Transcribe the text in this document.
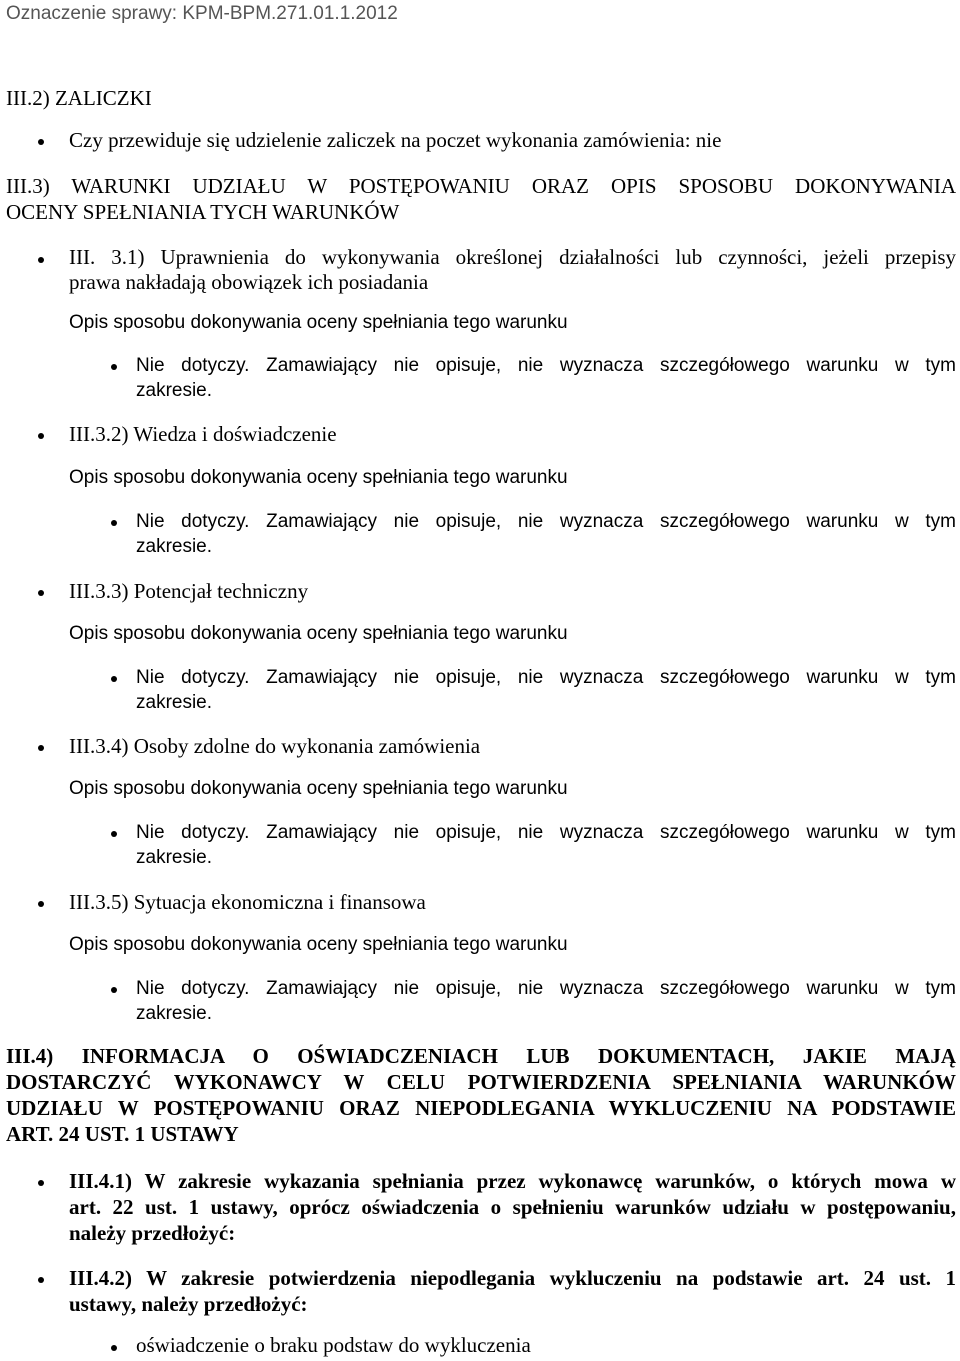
Oznaczenie sprawy: KPM-BPM.271.01.1.2012

III.2) ZALICZKI
Czy przewiduje się udzielenie zaliczek na poczet wykonania zamówienia: nie
III.3) WARUNKI UDZIAŁU W POSTĘPOWANIU ORAZ OPIS SPOSOBU DOKONYWANIA
OCENY SPEŁNIANIA TYCH WARUNKÓW
III. 3.1) Uprawnienia do wykonywania określonej działalności lub czynności, jeżeli przepisy
prawa nakładają obowiązek ich posiadania
Opis sposobu dokonywania oceny spełniania tego warunku
Nie dotyczy. Zamawiający nie opisuje, nie wyznacza szczegółowego warunku w tym
zakresie.
III.3.2) Wiedza i doświadczenie
Opis sposobu dokonywania oceny spełniania tego warunku
Nie dotyczy. Zamawiający nie opisuje, nie wyznacza szczegółowego warunku w tym
zakresie.
III.3.3) Potencjał techniczny
Opis sposobu dokonywania oceny spełniania tego warunku
Nie dotyczy. Zamawiający nie opisuje, nie wyznacza szczegółowego warunku w tym
zakresie.
III.3.4) Osoby zdolne do wykonania zamówienia
Opis sposobu dokonywania oceny spełniania tego warunku
Nie dotyczy. Zamawiający nie opisuje, nie wyznacza szczegółowego warunku w tym
zakresie.
III.3.5) Sytuacja ekonomiczna i finansowa
Opis sposobu dokonywania oceny spełniania tego warunku
Nie dotyczy. Zamawiający nie opisuje, nie wyznacza szczegółowego warunku w tym
zakresie.
III.4) INFORMACJA O OŚWIADCZENIACH LUB DOKUMENTACH, JAKIE MAJĄ
DOSTARCZYĆ WYKONAWCY W CELU POTWIERDZENIA SPEŁNIANIA WARUNKÓW
UDZIAŁU W POSTĘPOWANIU ORAZ NIEPODLEGANIA WYKLUCZENIU NA PODSTAWIE
ART. 24 UST. 1 USTAWY
III.4.1) W zakresie wykazania spełniania przez wykonawcę warunków, o których mowa w
art. 22 ust. 1 ustawy, oprócz oświadczenia o spełnieniu warunków udziału w postępowaniu,
należy przedłożyć:
III.4.2) W zakresie potwierdzenia niepodlegania wykluczeniu na podstawie art. 24 ust. 1
ustawy, należy przedłożyć:
oświadczenie o braku podstaw do wykluczenia
